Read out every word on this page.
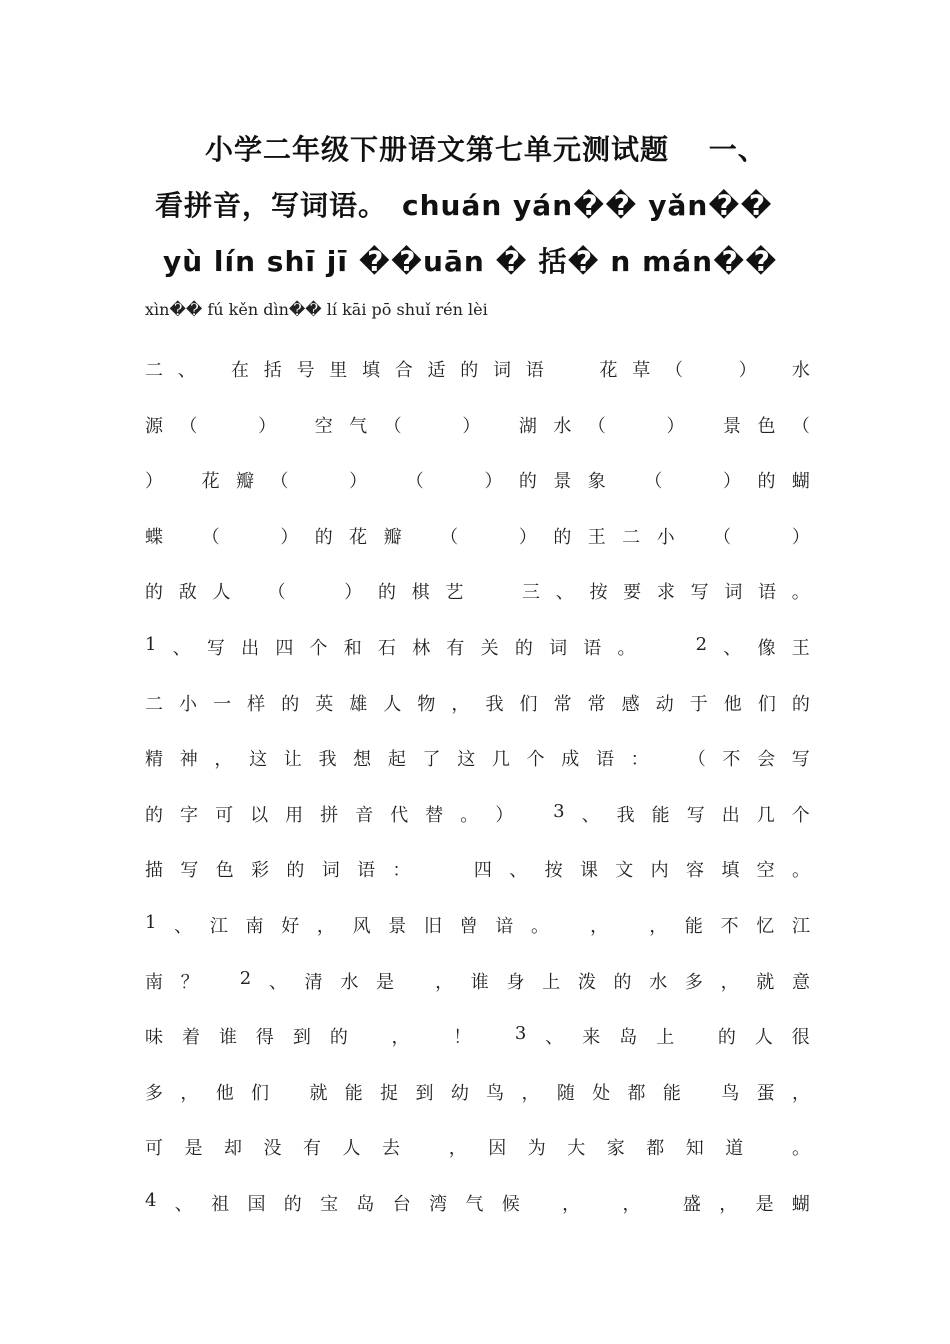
小学二年级下册语文第七单元测试题　 一、
看拼音，写词语。　chuán yán�� yǎn��
yù lín shī jī ��uān � 括� n mán��
xìn�� fú kěn dìn�� lí kāi pō shuǐ rén lèi
二 、
在 括 号 里 填 合 适 的 词 语

	花 草 （

	）
水
源 （

	）
空 气 （

	）
湖 水 （

	）
景 色 （
）
花 瓣 （

	）
（

	） 的 景 象
（

	） 的 蝴
蝶
（

	） 的 花 瓣
（

	） 的 王 二 小
（

	）
的 敌 人
（

	） 的 棋 艺

	三 、 按 要 求 写 词 语 。
1 、 写 出 四 个 和 石 林 有 关 的 词 语 。

	2 、 像 王
二 小 一 样 的 英 雄 人 物 ， 我 们 常 常 感 动 于 他 们 的
精 神 ， 这 让 我 想 起 了 这 几 个 成 语 ：
（ 不 会 写
的 字 可 以 用 拼 音 代 替 。 ）
3 、 我 能 写 出 几 个
描 写 色 彩 的 词 语 ：

	四 、 按 课 文 内 容 填 空 。
1 、 江 南 好 ， 风 景 旧 曾 谙 。
，
， 能 不 忆 江
南 ？
2 、 清 水 是
， 谁 身 上 泼 的 水 多 ， 就 意
味 着 谁 得 到 的
，
！
3 、 来 岛 上
的 人 很
多 ， 他 们
就 能 捉 到 幼 鸟 ， 随 处 都 能
鸟 蛋 ，
可 是 却 没 有 人 去
	， 因 为 大 家 都 知 道
	。
4 、 祖 国 的 宝 岛 台 湾 气 候
，
，
盛 ， 是 蝴
